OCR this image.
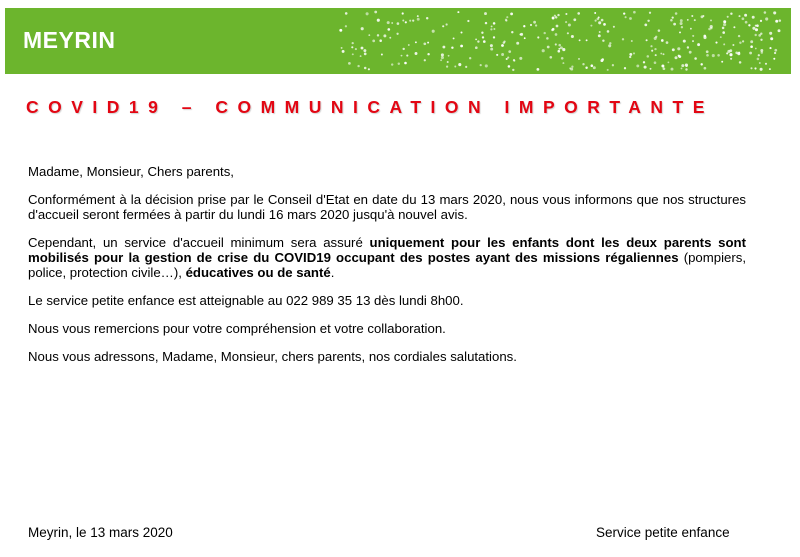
MEYRIN
COVID19 – COMMUNICATION IMPORTANTE

Madame, Monsieur, Chers parents,

Conformément à la décision prise par le Conseil d'Etat en date du 13 mars 2020, nous vous informons que nos structures d'accueil seront fermées à partir du lundi 16 mars 2020 jusqu'à nouvel avis.

Cependant, un service d'accueil minimum sera assuré uniquement pour les enfants dont les deux parents sont mobilisés pour la gestion de crise du COVID19 occupant des postes ayant des missions régaliennes (pompiers, police, protection civile…), éducatives ou de santé.

Le service petite enfance est atteignable au 022 989 35 13 dès lundi 8h00.

Nous vous remercions pour votre compréhension et votre collaboration.

Nous vous adressons, Madame, Monsieur, chers parents, nos cordiales salutations.

Meyrin, le 13 mars 2020	Service petite enfance
